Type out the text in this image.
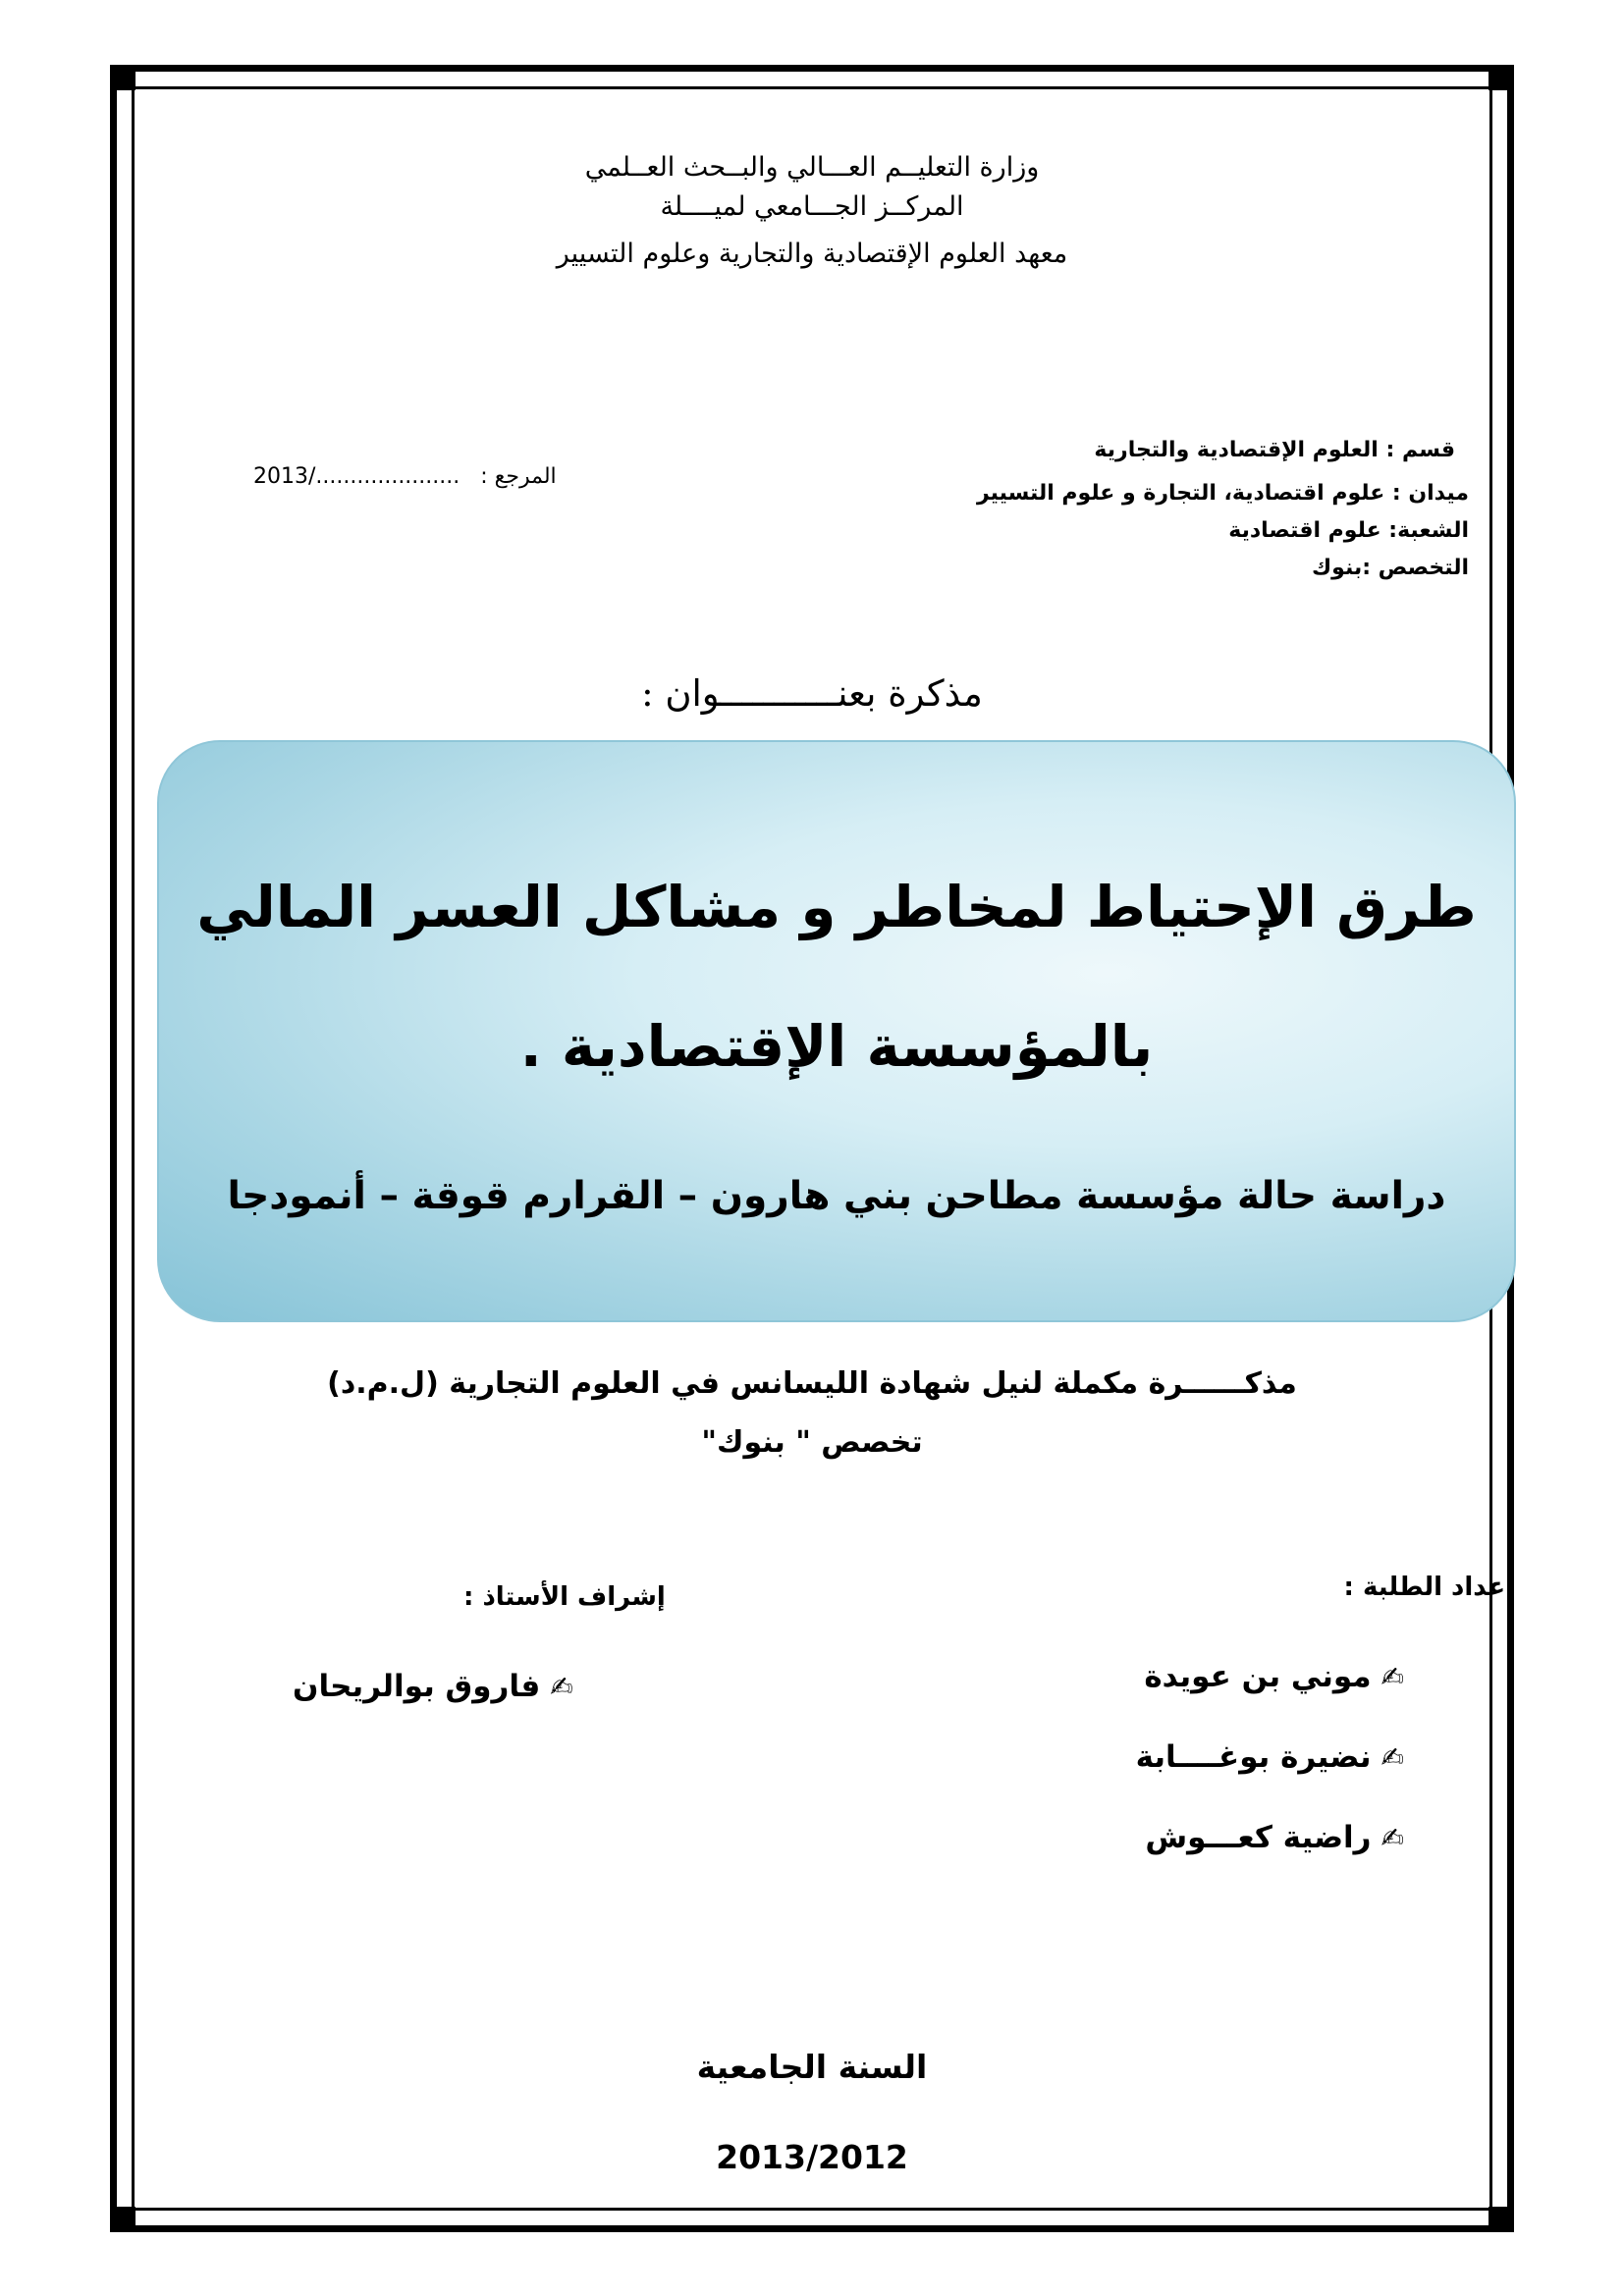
وزارة التعليــم العـــالي والبــحث العــلمي
المركــز الجـــامعي لميــــلة
معهد العلوم الإقتصادية والتجارية وعلوم التسيير
قسم : العلوم الإقتصادية والتجارية
ميدان : علوم اقتصادية، التجارة و علوم التسيير
الشعبة: علوم اقتصادية
التخصص :بنوك
2013/..................... المرجع :
مذكرة بعنـــــــــــوان :
طرق الإحتياط لمخاطر و مشاكل العسر المالي
بالمؤسسة الإقتصادية .
دراسة حالة مؤسسة مطاحن بني هارون – القرارم قوقة – أنمودجا
مذكــــــرة مكملة لنيل شهادة الليسانس في العلوم التجارية (ل.م.د)
تخصص " بنوك"
إعداد الطلبة :
✍موني بن عويدة
✍نضيرة بوغــــابة
✍راضية كعـــوش
إشراف الأستاذ :
✍فاروق بوالريحان
السنة الجامعية
2013/2012
